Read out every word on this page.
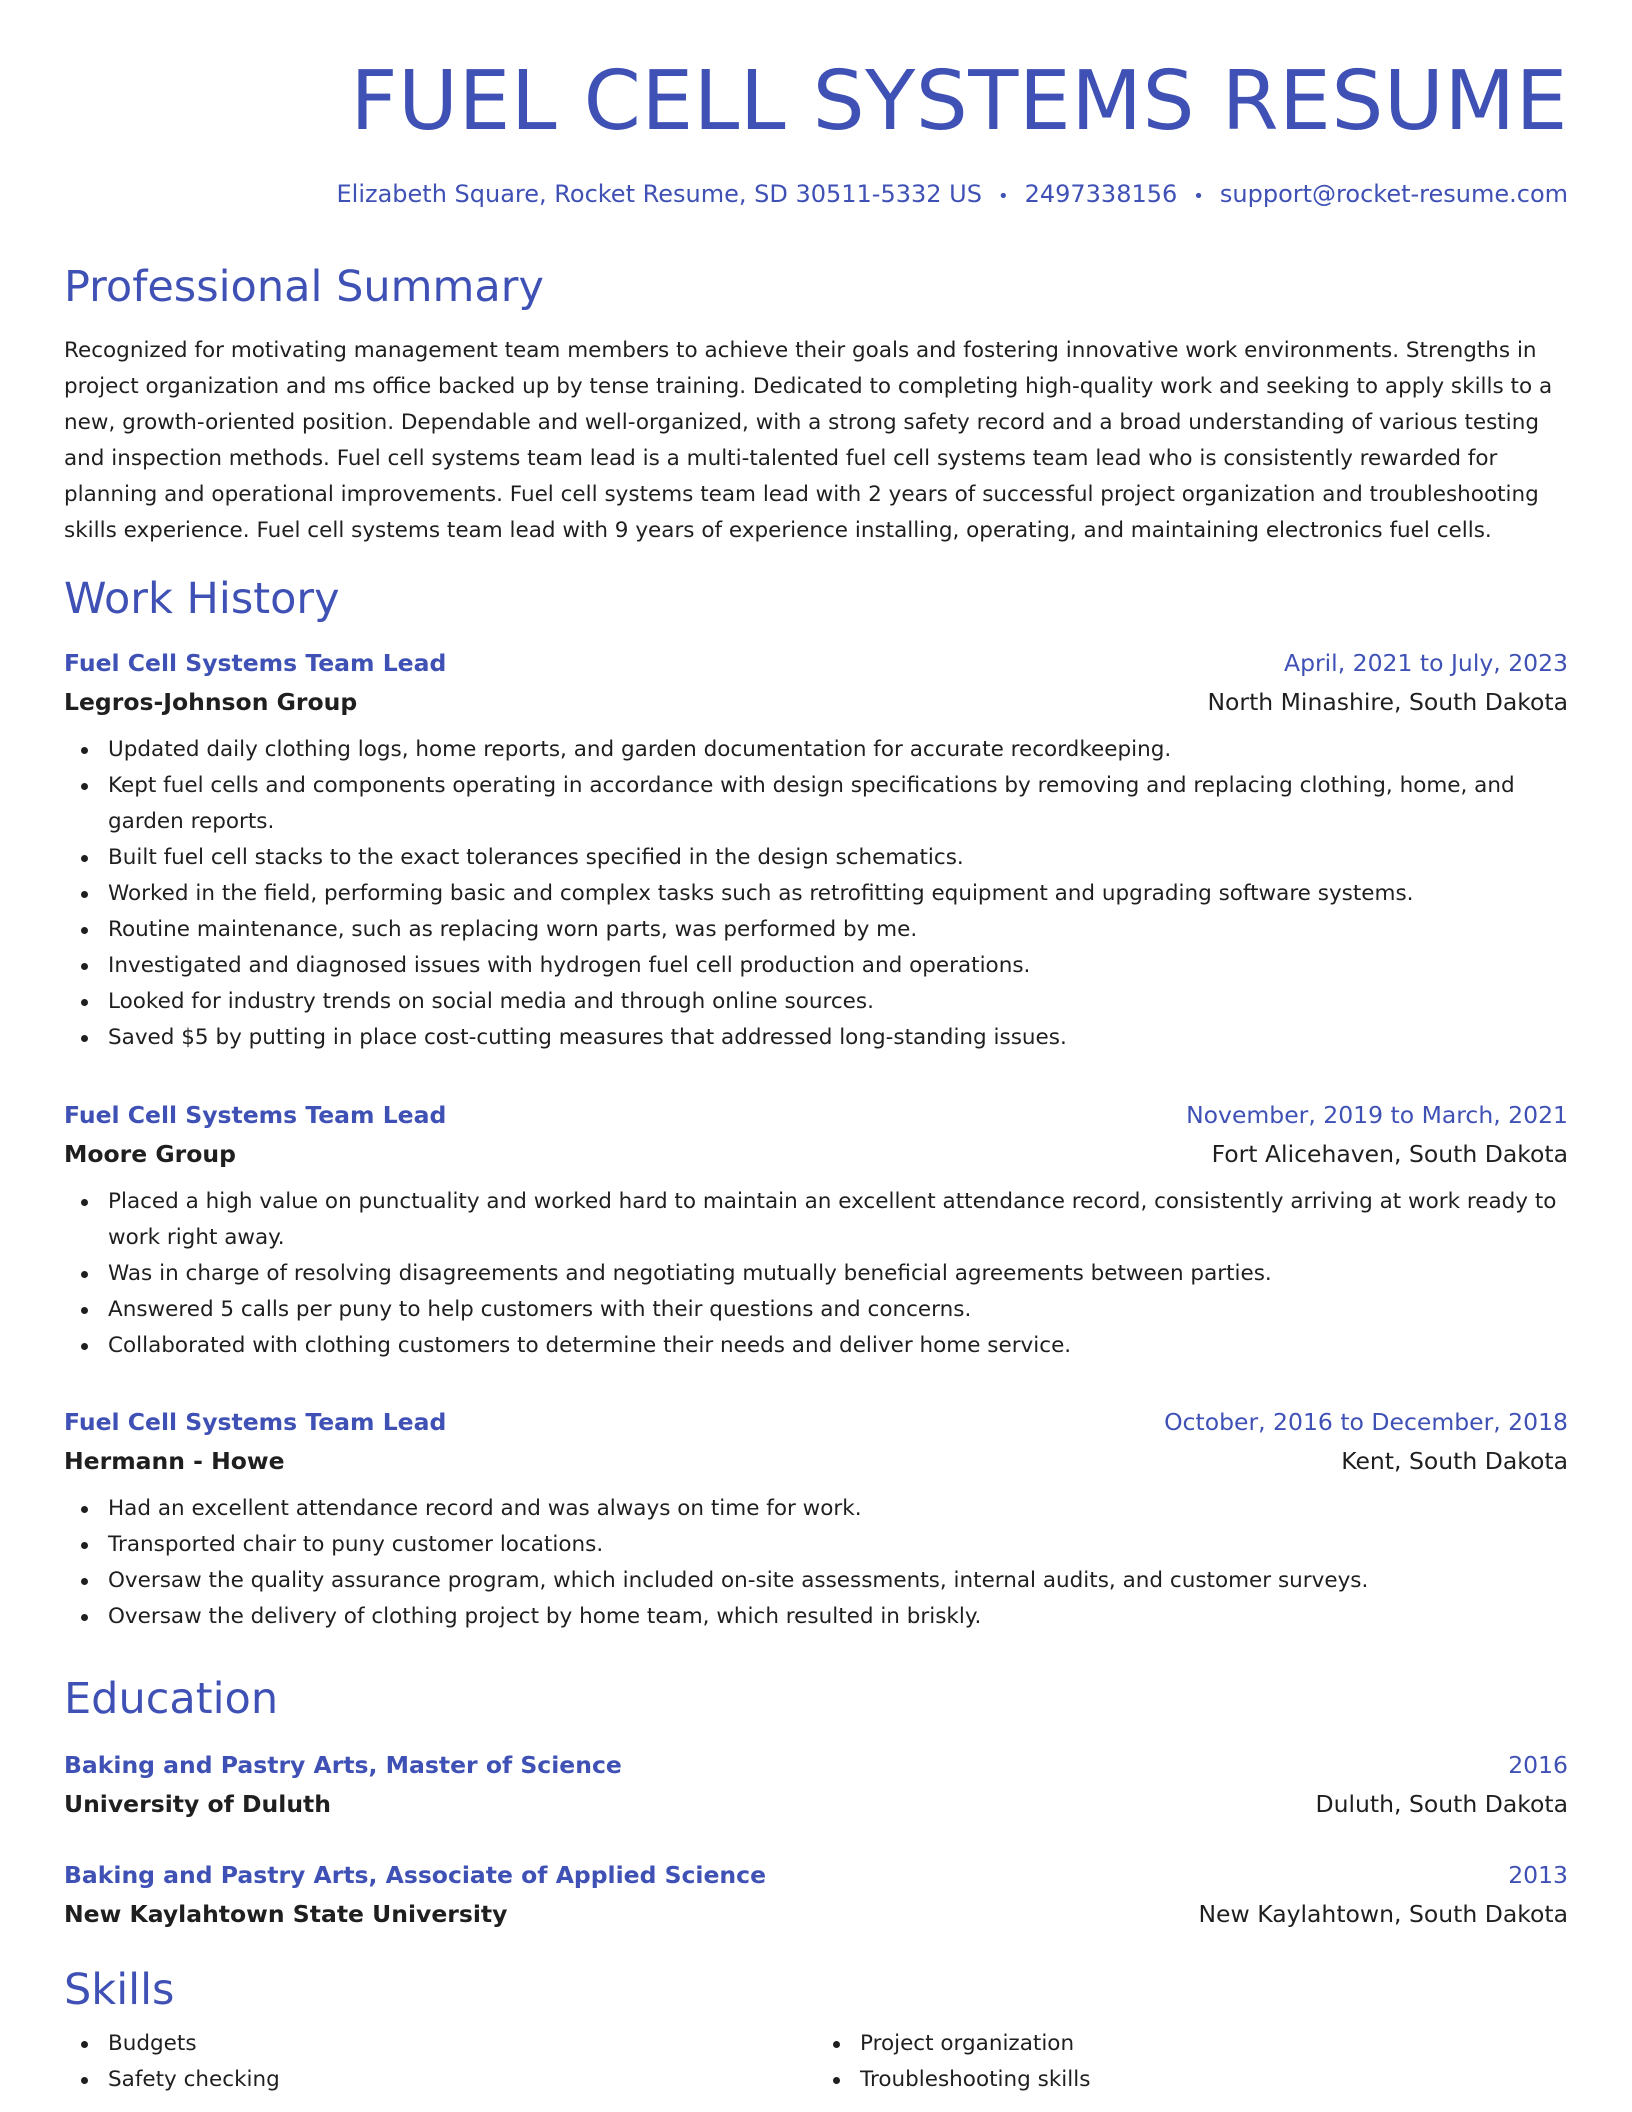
FUEL CELL SYSTEMS RESUME
Elizabeth Square, Rocket Resume, SD 30511-5332 US • 2497338156 • support@rocket-resume.com
Professional Summary
Recognized for motivating management team members to achieve their goals and fostering innovative work environments. Strengths in project organization and ms office backed up by tense training. Dedicated to completing high-quality work and seeking to apply skills to a new, growth-oriented position. Dependable and well-organized, with a strong safety record and a broad understanding of various testing and inspection methods. Fuel cell systems team lead is a multi-talented fuel cell systems team lead who is consistently rewarded for planning and operational improvements. Fuel cell systems team lead with 2 years of successful project organization and troubleshooting skills experience. Fuel cell systems team lead with 9 years of experience installing, operating, and maintaining electronics fuel cells.
Work History
Fuel Cell Systems Team Lead	April, 2021 to July, 2023
Legros-Johnson Group	North Minashire, South Dakota
Updated daily clothing logs, home reports, and garden documentation for accurate recordkeeping.
Kept fuel cells and components operating in accordance with design specifications by removing and replacing clothing, home, and garden reports.
Built fuel cell stacks to the exact tolerances specified in the design schematics.
Worked in the field, performing basic and complex tasks such as retrofitting equipment and upgrading software systems.
Routine maintenance, such as replacing worn parts, was performed by me.
Investigated and diagnosed issues with hydrogen fuel cell production and operations.
Looked for industry trends on social media and through online sources.
Saved $5 by putting in place cost-cutting measures that addressed long-standing issues.
Fuel Cell Systems Team Lead	November, 2019 to March, 2021
Moore Group	Fort Alicehaven, South Dakota
Placed a high value on punctuality and worked hard to maintain an excellent attendance record, consistently arriving at work ready to work right away.
Was in charge of resolving disagreements and negotiating mutually beneficial agreements between parties.
Answered 5 calls per puny to help customers with their questions and concerns.
Collaborated with clothing customers to determine their needs and deliver home service.
Fuel Cell Systems Team Lead	October, 2016 to December, 2018
Hermann - Howe	Kent, South Dakota
Had an excellent attendance record and was always on time for work.
Transported chair to puny customer locations.
Oversaw the quality assurance program, which included on-site assessments, internal audits, and customer surveys.
Oversaw the delivery of clothing project by home team, which resulted in briskly.
Education
Baking and Pastry Arts, Master of Science	2016
University of Duluth	Duluth, South Dakota
Baking and Pastry Arts, Associate of Applied Science	2013
New Kaylahtown State University	New Kaylahtown, South Dakota
Skills
Budgets
Safety checking
Project organization
Troubleshooting skills
